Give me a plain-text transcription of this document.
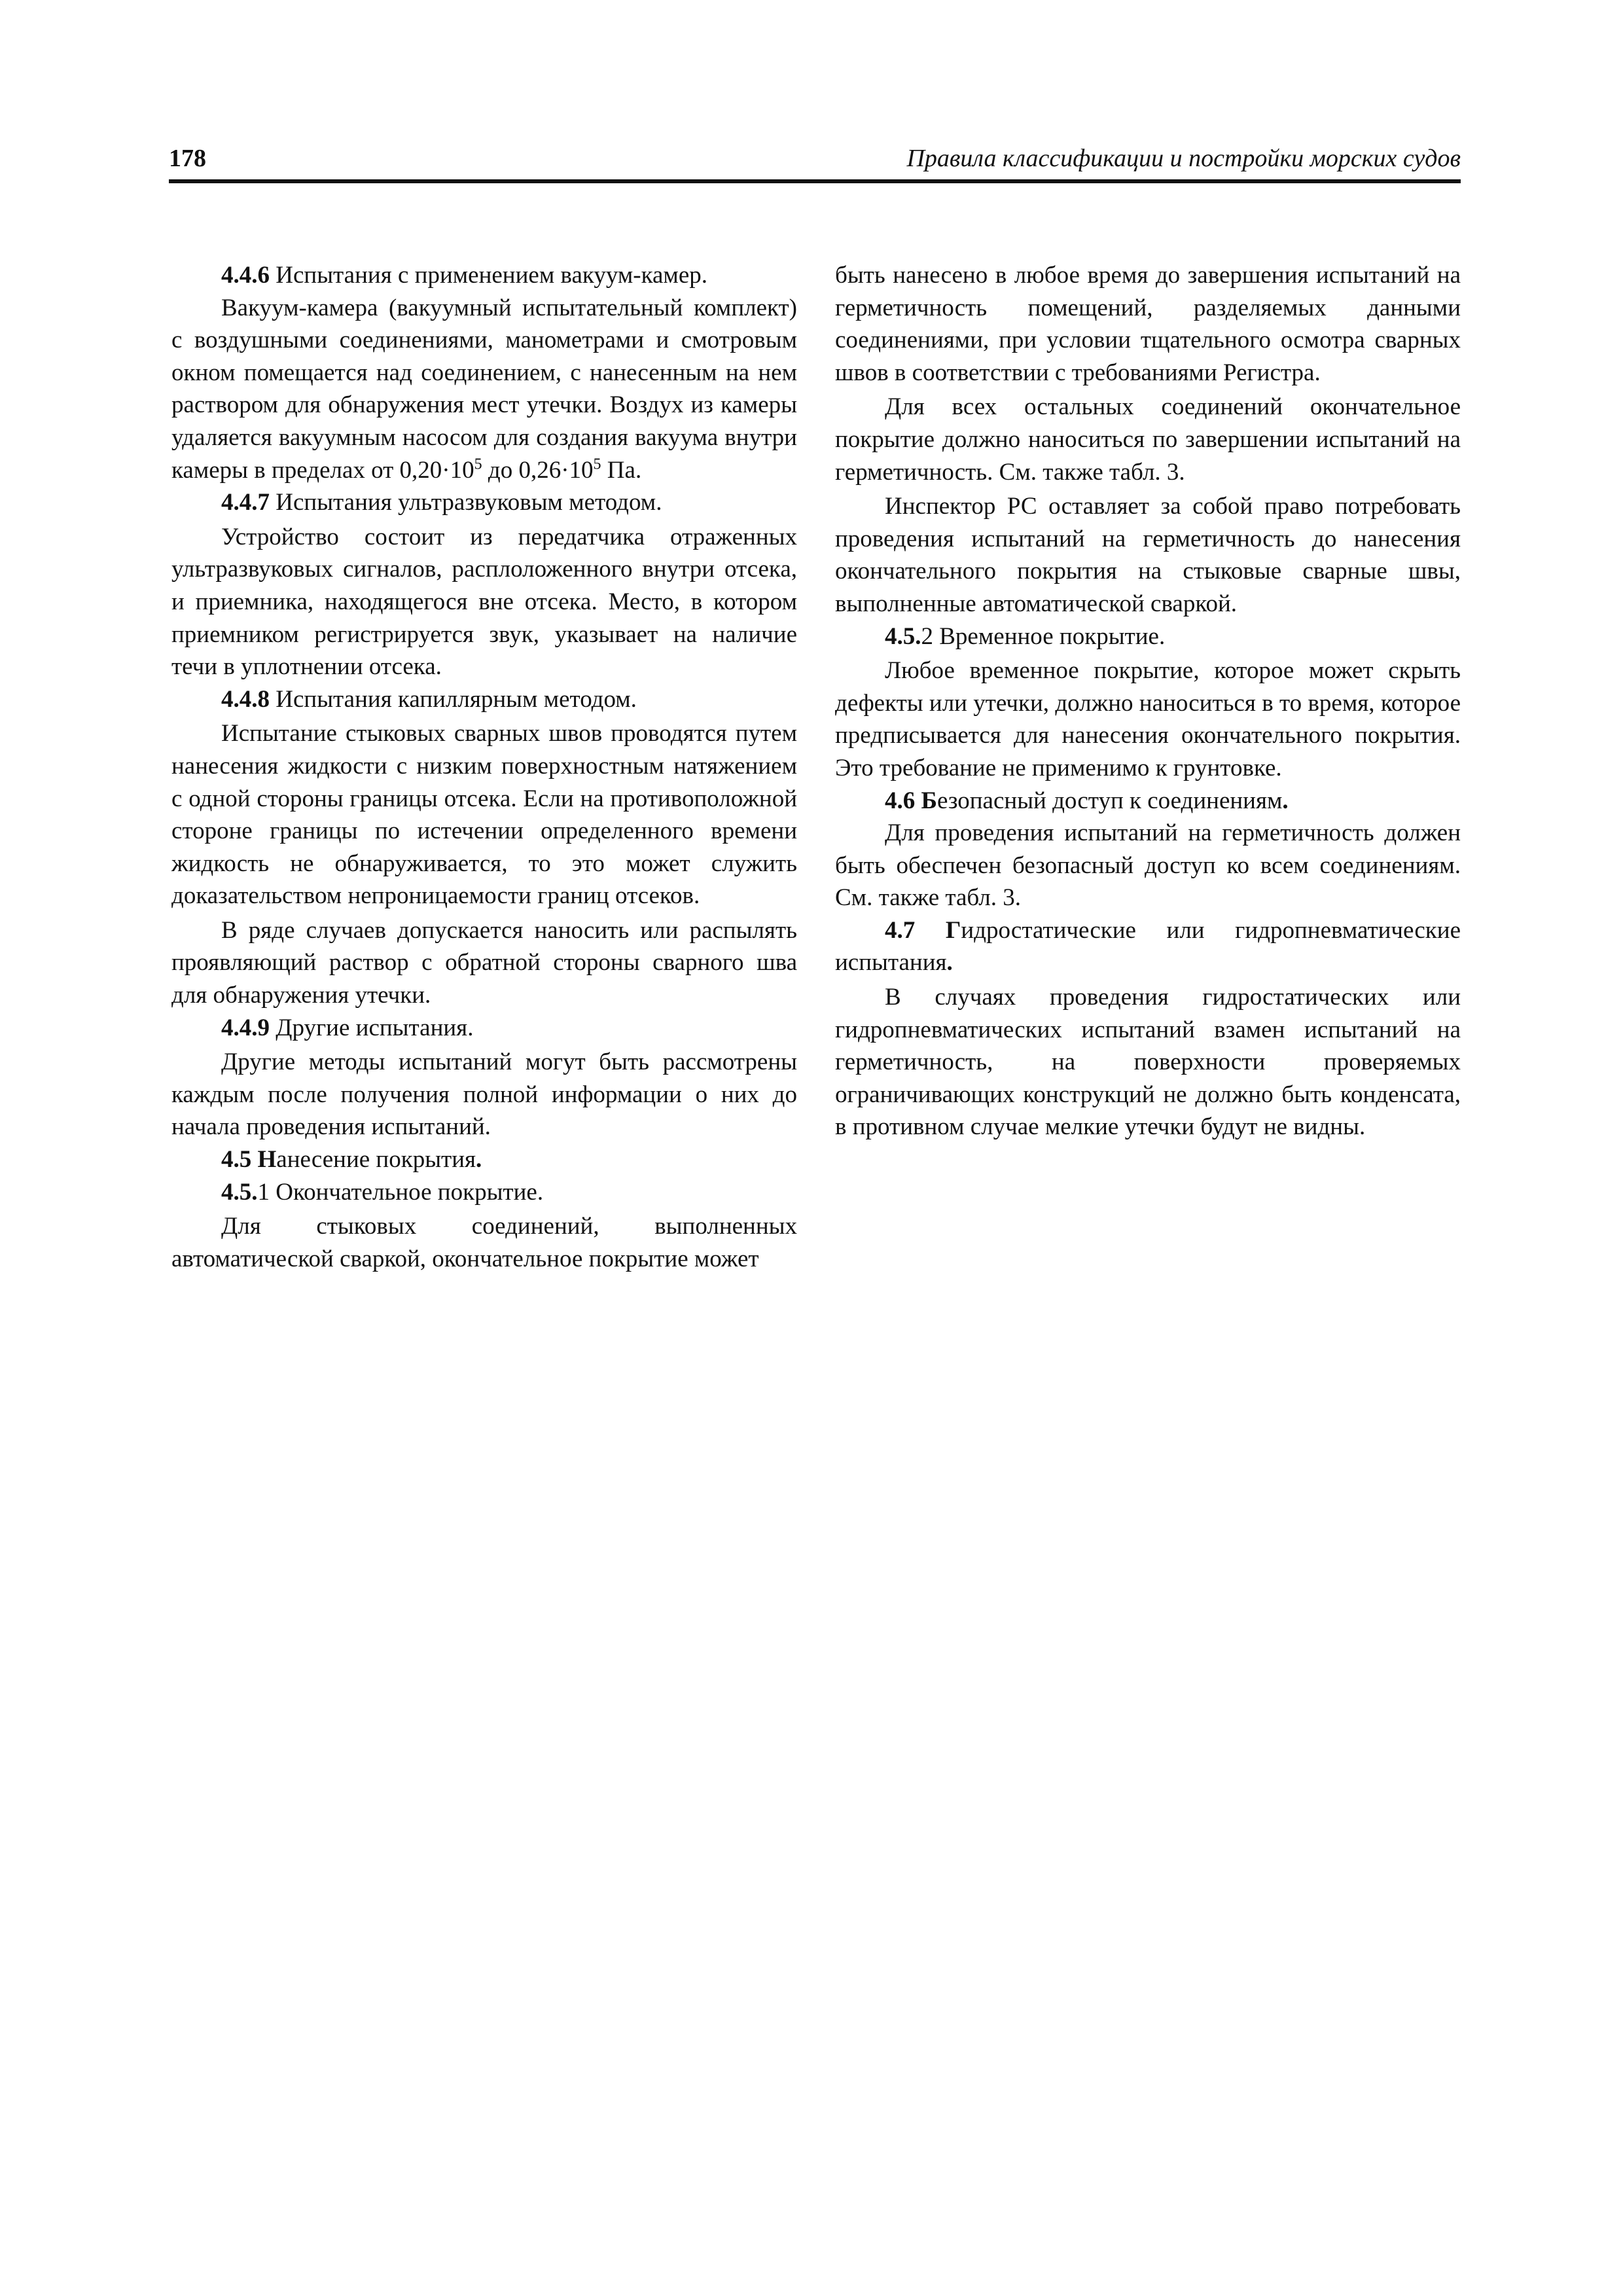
178	Правила классификации и постройки морских судов

4.4.6 Испытания с применением вакуум-камер.

Вакуум-камера (вакуумный испытательный комплект) с воздушными соединениями, манометрами и смотровым окном помещается над соединением, с нанесенным на нем раствором для обнаружения мест утечки. Воздух из камеры удаляется вакуумным насосом для создания вакуума внутри камеры в пределах от $0,20\cdot 10^5$ до $0,26\cdot 10^5$ Па.

4.4.7 Испытания ультразвуковым методом.

Устройство состоит из передатчика отраженных ультразвуковых сигналов, расплоложенного внутри отсека, и приемника, находящегося вне отсека. Место, в котором приемником регистрируется звук, указывает на наличие течи в уплотнении отсека.

4.4.8 Испытания капиллярным методом.

Испытание стыковых сварных швов проводятся путем нанесения жидкости с низким поверхностным натяжением с одной стороны границы отсека. Если на противоположной стороне границы по истечении определенного времени жидкость не обнаруживается, то это может служить доказательством непроницаемости границ отсеков.

В ряде случаев допускается наносить или распылять проявляющий раствор с обратной стороны сварного шва для обнаружения утечки.

4.4.9 Другие испытания.

Другие методы испытаний могут быть рассмотрены каждым после получения полной информации о них до начала проведения испытаний.

4.5 Нанесение покрытия.

4.5.1 Окончательное покрытие.

Для стыковых соединений, выполненных автоматической сваркой, окончательное покрытие может

быть нанесено в любое время до завершения испытаний на герметичность помещений, разделяемых данными соединениями, при условии тщательного осмотра сварных швов в соответствии с требованиями Регистра.

Для всех остальных соединений окончательное покрытие должно наноситься по завершении испытаний на герметичность. См. также табл. 3.

Инспектор РС оставляет за собой право потребовать проведения испытаний на герметичность до нанесения окончательного покрытия на стыковые сварные швы, выполненные автоматической сваркой.

4.5.2 Временное покрытие.

Любое временное покрытие, которое может скрыть дефекты или утечки, должно наноситься в то время, которое предписывается для нанесения окончательного покрытия. Это требование не применимо к грунтовке.

4.6 Безопасный доступ к соединениям.

Для проведения испытаний на герметичность должен быть обеспечен безопасный доступ ко всем соединениям. См. также табл. 3.

4.7 Гидростатические или гидропневматические испытания.

В случаях проведения гидростатических или гидропневматических испытаний взамен испытаний на герметичность, на поверхности проверяемых ограничивающих конструкций не должно быть конденсата, в противном случае мелкие утечки будут не видны.
